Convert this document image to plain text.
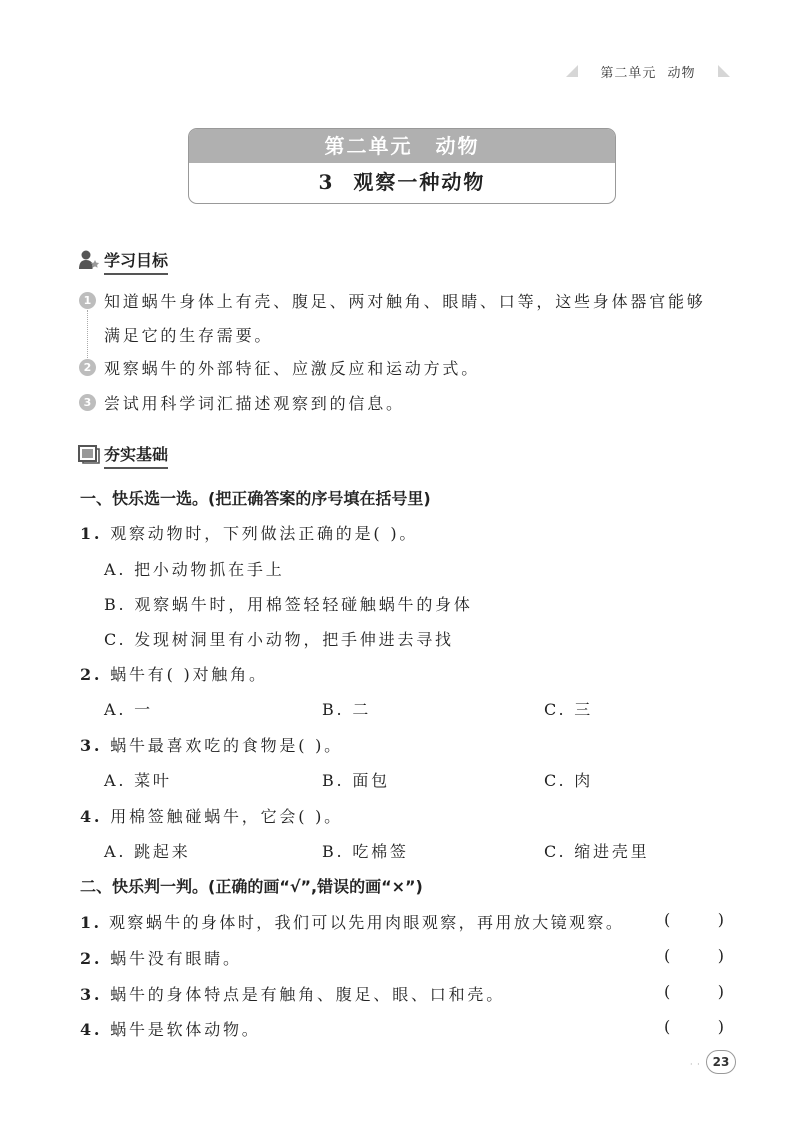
第二单元 动物
第二单元 动物
3 观察一种动物
学习目标
1 知道蜗牛身体上有壳、腹足、两对触角、眼睛、口等，这些身体器官能够
满足它的生存需要。
2 观察蜗牛的外部特征、应激反应和运动方式。
3 尝试用科学词汇描述观察到的信息。
夯实基础
一、快乐选一选。(把正确答案的序号填在括号里)
1. 观察动物时，下列做法正确的是( )。
A. 把小动物抓在手上
B. 观察蜗牛时，用棉签轻轻碰触蜗牛的身体
C. 发现树洞里有小动物，把手伸进去寻找
2. 蜗牛有( )对触角。
A. 一	B. 二	C. 三
3. 蜗牛最喜欢吃的食物是( )。
A. 菜叶	B. 面包	C. 肉
4. 用棉签触碰蜗牛，它会( )。
A. 跳起来	B. 吃棉签	C. 缩进壳里
二、快乐判一判。(正确的画“√”,错误的画“×”)
1. 观察蜗牛的身体时，我们可以先用肉眼观察，再用放大镜观察。 (	)
2. 蜗牛没有眼睛。	(	)
3. 蜗牛的身体特点是有触角、腹足、眼、口和壳。	(	)
4. 蜗牛是软体动物。	(	)
· ·	23
